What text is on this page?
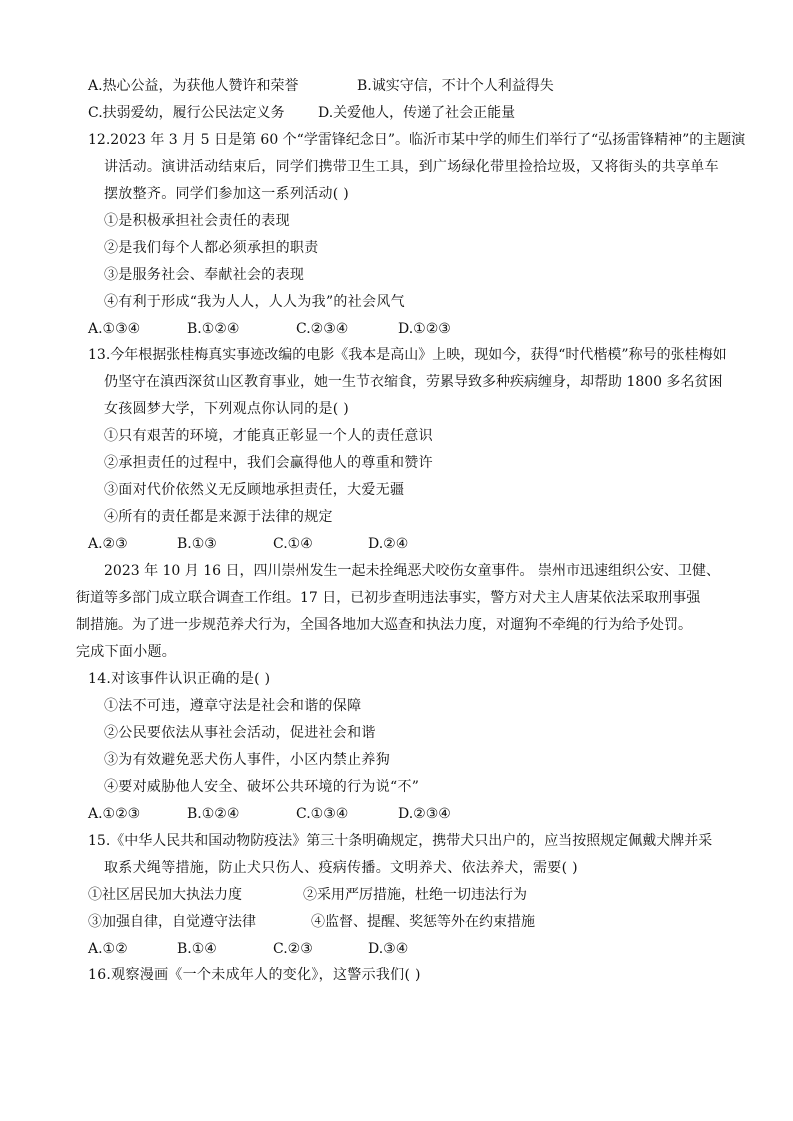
A.热心公益，为获他人赞许和荣誉	B.诚实守信，不计个人利益得失
C.扶弱爱幼，履行公民法定义务 D.关爱他人，传递了社会正能量
12.2023 年 3 月 5 日是第 60 个“学雷锋纪念日”。临沂市某中学的师生们举行了“弘扬雷锋精神”的主题演
讲活动。演讲活动结束后，同学们携带卫生工具，到广场绿化带里捡拾垃圾，又将街头的共享单车
摆放整齐。同学们参加这一系列活动( )
①是积极承担社会责任的表现
②是我们每个人都必须承担的职责
③是服务社会、奉献社会的表现
④有利于形成“我为人人，人人为我”的社会风气
A.①③④	B.①②④	C.②③④	D.①②③
13.今年根据张桂梅真实事迹改编的电影《我本是高山》上映，现如今，获得“时代楷模”称号的张桂梅如
仍坚守在滇西深贫山区教育事业，她一生节衣缩食，劳累导致多种疾病缠身，却帮助 1800 多名贫困
女孩圆梦大学，下列观点你认同的是( )
①只有艰苦的环境，才能真正彰显一个人的责任意识
②承担责任的过程中，我们会赢得他人的尊重和赞许
③面对代价依然义无反顾地承担责任，大爱无疆
④所有的责任都是来源于法律的规定
A.②③	B.①③	C.①④	D.②④
2023 年 10 月 16 日，四川崇州发生一起未拴绳恶犬咬伤女童事件。 崇州市迅速组织公安、卫健、
街道等多部门成立联合调查工作组。17 日，已初步查明违法事实，警方对犬主人唐某依法采取刑事强
制措施。为了进一步规范养犬行为，全国各地加大巡查和执法力度，对遛狗不牵绳的行为给予处罚。
完成下面小题。
14.对该事件认识正确的是( )
①法不可违，遵章守法是社会和谐的保障
②公民要依法从事社会活动，促进社会和谐
③为有效避免恶犬伤人事件，小区内禁止养狗
④要对威胁他人安全、破坏公共环境的行为说“不”
A.①②③	B.①②④	C.①③④	D.②③④
15.《中华人民共和国动物防疫法》第三十条明确规定，携带犬只出户的，应当按照规定佩戴犬牌并采
取系犬绳等措施，防止犬只伤人、疫病传播。文明养犬、依法养犬，需要( )
①社区居民加大执法力度	②采用严厉措施，杜绝一切违法行为
③加强自律，自觉遵守法律	④监督、提醒、奖惩等外在约束措施
A.①②	B.①④	C.②③	D.③④
16.观察漫画《一个未成年人的变化》，这警示我们( )
